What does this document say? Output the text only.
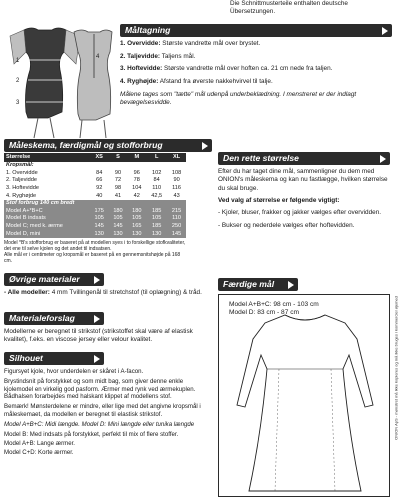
Die Schnittmusterteile enthalten deutsche Übersetzungen.
Måltagning
1
2
3
4

1. Overvidde: Største vandrette mål over brystet.

2. Taljevidde: Taljens mål.

3. Hoftevidde: Største vandrette mål over hoften ca. 21 cm nede fra taljen.

4. Ryghøjde: Afstand fra øverste nakkehvirvel til talje.

Målene tages som "tætte" mål udenpå underbeklædning. I menstreret er der indlagt bevægelsesvidde.

Måleskema, færdigmål og stofforbrug
Størrelse	XS	S	M	L	XL
Kropsmål:					
1. Overvidde	84	90	96	102	108
2. Taljevidde	66	72	78	84	90
3. Hoftevidde	92	98	104	110	116
4. Ryghøjde	40	41	42	42,5	43
Stof forbrug 140 cm bredt					
Model A+*B+C	175	180	180	185	215
Model B indsats	105	105	105	105	110
Model C; med k. ærme	145	145	165	185	250
Model D, mini	130	130	130	130	145
Model *B's stofforbrug er baseret på at modellen syes i to forskellige stofkvaliteter, det ene til selve kjolen og det andet til indsatsen.
Alle mål er i centimeter og kropsmål er baseret på en gennemsnitshøjde på 168 cm.
Den rette størrelse

Efter du har taget dine mål, sammenligner du dem med ONION's måleskema og kan nu fastlægge, hvilken størrelse du skal bruge.

Ved valg af størrelse er følgende vigtigt:

- Kjoler, bluser, frakker og jakker vælges efter overvidden.

- Bukser og nederdele vælges efter hoftevidden.

Færdige mål
Model A+B+C: 98 cm - 103 cm
Model D: 83 cm - 87 cm
Øvrige materialer
- Alle modeller: 4 mm Tvillingenål til stretchstof (til oplægning) & tråd.
Materialeforslag
Modellerne er beregnet til strikstof (strikstoffet skal være af elastisk kvalitet), f.eks. en viscose jersey eller velour kvalitet.
Silhouet

Figursyet kjole, hvor underdelen er skåret i A-facon.

Brystindsnit på forstykket og som midt bag, som giver denne enkle kjolemodel en virkelig god pasform. Ærmer med rynk ved ærmekuplen. Bådhalsen forarbejdes med halskant klippet af modellens stof.

Bemærk! Mønsterdelene er mindre, eller lige med det angivne kropsmål i måleskemaet, da modellen er beregnet til elastisk strikstof.

Model A+B+C: Midi længde. Model D: Mini længde eller tunika længde

Model B: Med indsats på forstykket, perfekt til mix of flere stoffer.

Model A+B: Lange ærmer.

Model C+D: Korte ærmer.

ONION ApS - mønstret må ikke kopieres og må ikke bruges i kommerciel øjemed
